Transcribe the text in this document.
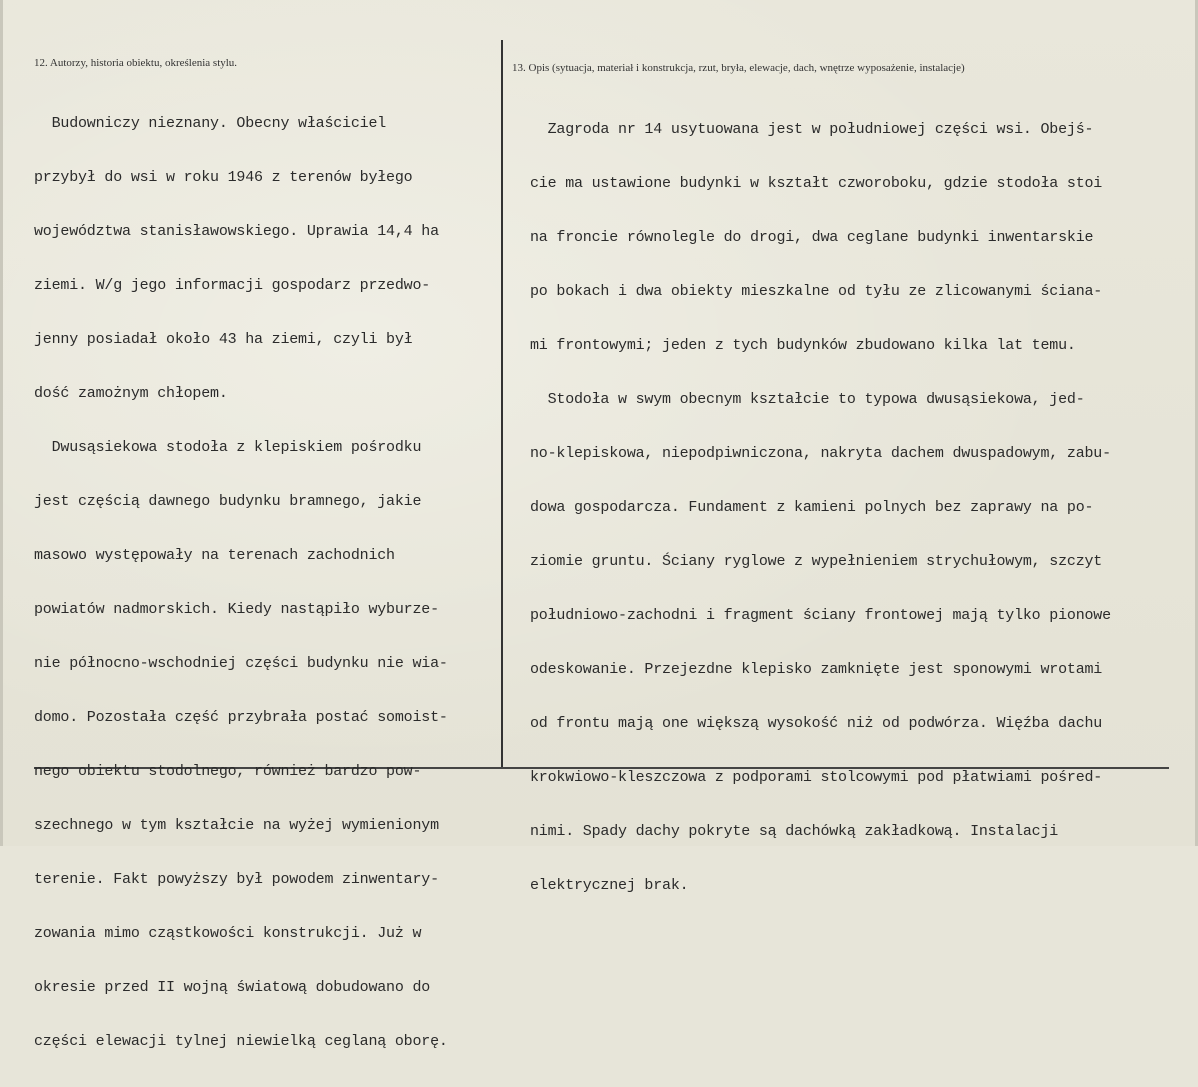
12. Autorzy, historia obiektu, określenia stylu.	13. Opis (sytuacja, materiał i konstrukcja, rzut, bryła, elewacje, dach, wnętrze wyposażenie, instalacje)

Budowniczy nieznany. Obecny właściciel

przybył do wsi w roku 1946 z terenów byłego

województwa stanisławowskiego. Uprawia 14,4 ha

ziemi. W/g jego informacji gospodarz przedwo-

jenny posiadał około 43 ha ziemi, czyli był

dość zamożnym chłopem.

Dwusąsiekowa stodoła z klepiskiem pośrodku

jest częścią dawnego budynku bramnego, jakie

masowo występowały na terenach zachodnich

powiatów nadmorskich. Kiedy nastąpiło wyburze-

nie północno-wschodniej części budynku nie wia-

domo. Pozostała część przybrała postać somoist-

nego obiektu stodolnego, również bardzo pow-

szechnego w tym kształcie na wyżej wymienionym

terenie. Fakt powyższy był powodem zinwentary-

zowania mimo cząstkowości konstrukcji. Już w

okresie przed II wojną światową dobudowano do

części elewacji tylnej niewielką ceglaną oborę.

Zagroda nr 14 usytuowana jest w południowej części wsi. Obejś-

cie ma ustawione budynki w kształt czworoboku, gdzie stodoła stoi

na froncie równolegle do drogi, dwa ceglane budynki inwentarskie

po bokach i dwa obiekty mieszkalne od tyłu ze zlicowanymi ściana-

mi frontowymi; jeden z tych budynków zbudowano kilka lat temu.

Stodoła w swym obecnym kształcie to typowa dwusąsiekowa, jed-

no-klepiskowa, niepodpiwniczona, nakryta dachem dwuspadowym, zabu-

dowa gospodarcza. Fundament z kamieni polnych bez zaprawy na po-

ziomie gruntu. Ściany ryglowe z wypełnieniem strychułowym, szczyt

południowo-zachodni i fragment ściany frontowej mają tylko pionowe

odeskowanie. Przejezdne klepisko zamknięte jest sponowymi wrotami

od frontu mają one większą wysokość niż od podwórza. Więźba dachu

krokwiowo-kleszczowa z podporami stolcowymi pod płatwiami pośred-

nimi. Spady dachy pokryte są dachówką zakładkową. Instalacji

elektrycznej brak.
